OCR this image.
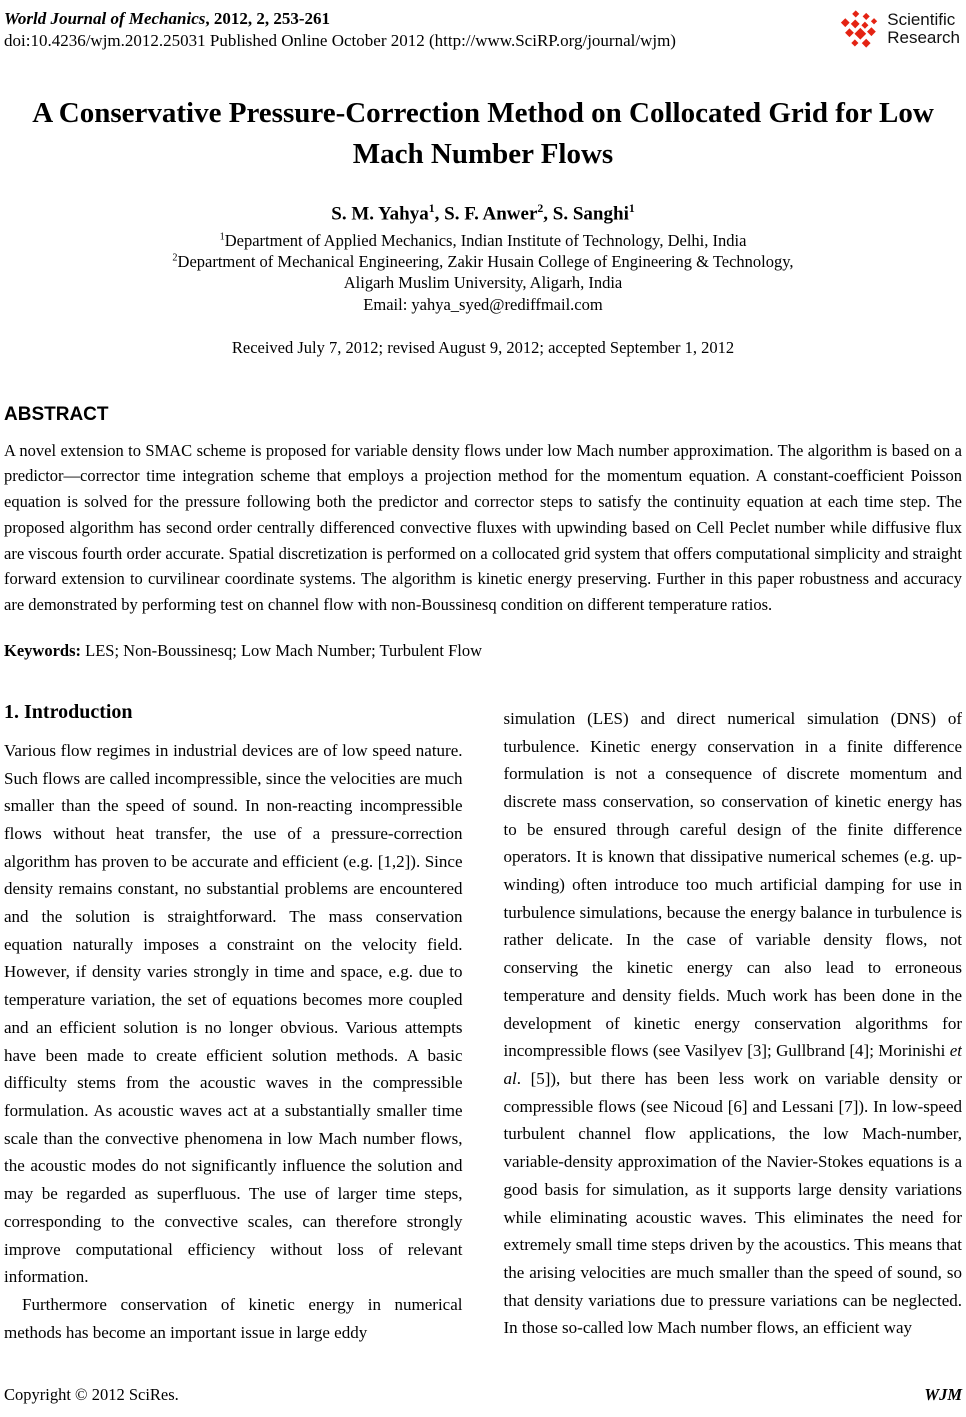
World Journal of Mechanics, 2012, 2, 253-261
doi:10.4236/wjm.2012.25031 Published Online October 2012 (http://www.SciRP.org/journal/wjm)
Scientific
Research
A Conservative Pressure-Correction Method on Collocated Grid for Low Mach Number Flows
S. M. Yahya$^1$, S. F. Anwer$^2$, S. Sanghi$^1$
$^1$Department of Applied Mechanics, Indian Institute of Technology, Delhi, India
$^2$Department of Mechanical Engineering, Zakir Husain College of Engineering & Technology,
Aligarh Muslim University, Aligarh, India
Email: yahya_syed@rediffmail.com
Received July 7, 2012; revised August 9, 2012; accepted September 1, 2012
ABSTRACT

A novel extension to SMAC scheme is proposed for variable density flows under low Mach number approximation. The algorithm is based on a predictor—corrector time integration scheme that employs a projection method for the momentum equation. A constant-coefficient Poisson equation is solved for the pressure following both the predictor and corrector steps to satisfy the continuity equation at each time step. The proposed algorithm has second order centrally differenced convective fluxes with upwinding based on Cell Peclet number while diffusive flux are viscous fourth order accurate. Spatial discretization is performed on a collocated grid system that offers computational simplicity and straight forward extension to curvilinear coordinate systems. The algorithm is kinetic energy preserving. Further in this paper robustness and accuracy are demonstrated by performing test on channel flow with non-Boussinesq condition on different temperature ratios.

Keywords: LES; Non-Boussinesq; Low Mach Number; Turbulent Flow
1. Introduction

Various flow regimes in industrial devices are of low speed nature. Such flows are called incompressible, since the velocities are much smaller than the speed of sound. In non-reacting incompressible flows without heat transfer, the use of a pressure-correction algorithm has proven to be accurate and efficient (e.g. [1,2]). Since density remains constant, no substantial problems are encountered and the solution is straightforward. The mass conservation equation naturally imposes a constraint on the velocity field. However, if density varies strongly in time and space, e.g. due to temperature variation, the set of equations becomes more coupled and an efficient solution is no longer obvious. Various attempts have been made to create efficient solution methods. A basic difficulty stems from the acoustic waves in the compressible formulation. As acoustic waves act at a substantially smaller time scale than the convective phenomena in low Mach number flows, the acoustic modes do not significantly influence the solution and may be regarded as superfluous. The use of larger time steps, corresponding to the convective scales, can therefore strongly improve computational efficiency without loss of relevant information.

Furthermore conservation of kinetic energy in numerical methods has become an important issue in large eddy

simulation (LES) and direct numerical simulation (DNS) of turbulence. Kinetic energy conservation in a finite difference formulation is not a consequence of discrete momentum and discrete mass conservation, so conservation of kinetic energy has to be ensured through careful design of the finite difference operators. It is known that dissipative numerical schemes (e.g. up-winding) often introduce too much artificial damping for use in turbulence simulations, because the energy balance in turbulence is rather delicate. In the case of variable density flows, not conserving the kinetic energy can also lead to erroneous temperature and density fields. Much work has been done in the development of kinetic energy conservation algorithms for incompressible flows (see Vasilyev [3]; Gullbrand [4]; Morinishi et al. [5]), but there has been less work on variable density or compressible flows (see Nicoud [6] and Lessani [7]). In low-speed turbulent channel flow applications, the low Mach-number, variable-density approximation of the Navier-Stokes equations is a good basis for simulation, as it supports large density variations while eliminating acoustic waves. This eliminates the need for extremely small time steps driven by the acoustics. This means that the arising velocities are much smaller than the speed of sound, so that density variations due to pressure variations can be neglected. In those so-called low Mach number flows, an efficient way

Copyright © 2012 SciRes.	WJM
